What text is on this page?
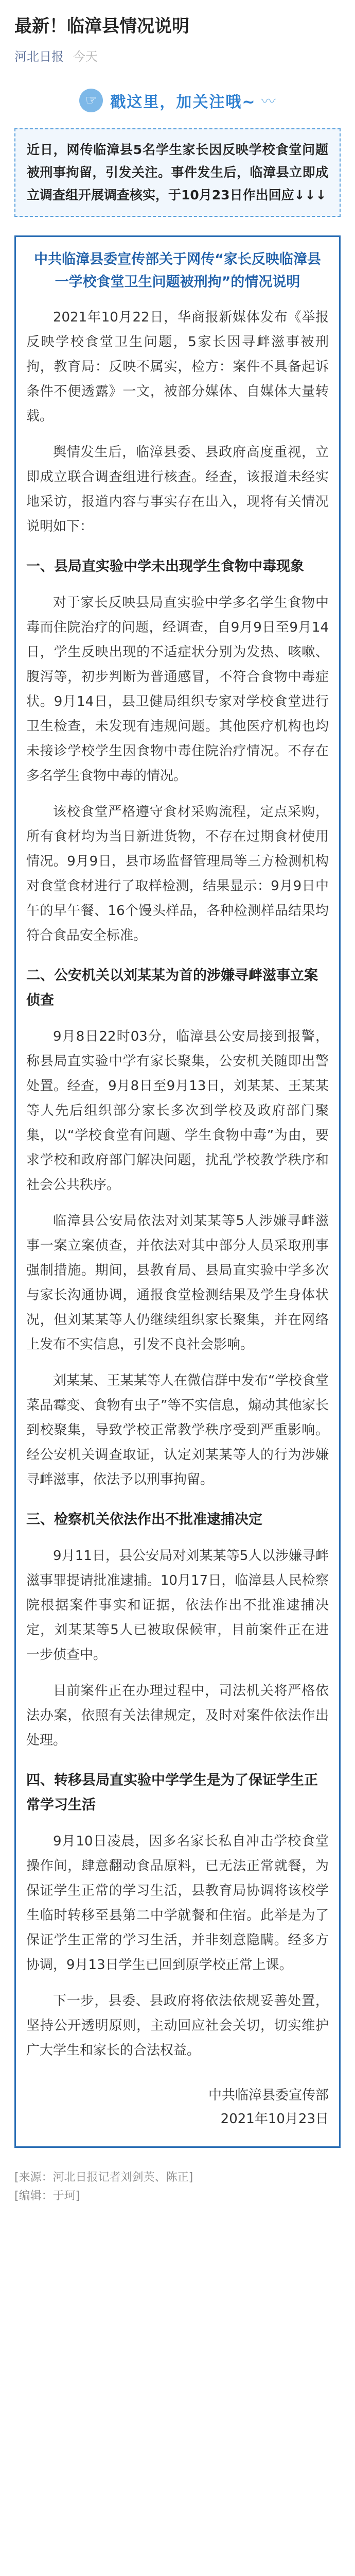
最新！临漳县情况说明
河北日报 今天
☞ 戳这里，加关注哦~ 〰
近日，网传临漳县5名学生家长因反映学校食堂问题被刑事拘留，引发关注。事件发生后，临漳县立即成立调查组开展调查核实，于10月23日作出回应↓↓↓
中共临漳县委宣传部关于网传“家长反映临漳县一学校食堂卫生问题被刑拘”的情况说明

2021年10月22日，华商报新媒体发布《举报反映学校食堂卫生问题，5家长因寻衅滋事被刑拘，教育局：反映不属实，检方：案件不具备起诉条件不便透露》一文，被部分媒体、自媒体大量转载。

舆情发生后，临漳县委、县政府高度重视，立即成立联合调查组进行核查。经查，该报道未经实地采访，报道内容与事实存在出入，现将有关情况说明如下：

一、县局直实验中学未出现学生食物中毒现象

对于家长反映县局直实验中学多名学生食物中毒而住院治疗的问题，经调查，自9月9日至9月14日，学生反映出现的不适症状分别为发热、咳嗽、腹泻等，初步判断为普通感冒，不符合食物中毒症状。9月14日，县卫健局组织专家对学校食堂进行卫生检查，未发现有违规问题。其他医疗机构也均未接诊学校学生因食物中毒住院治疗情况。不存在多名学生食物中毒的情况。

该校食堂严格遵守食材采购流程，定点采购，所有食材均为当日新进货物，不存在过期食材使用情况。9月9日，县市场监督管理局等三方检测机构对食堂食材进行了取样检测，结果显示：9月9日中午的早午餐、16个馒头样品，各种检测样品结果均符合食品安全标准。

二、公安机关以刘某某为首的涉嫌寻衅滋事立案侦查

9月8日22时03分，临漳县公安局接到报警，称县局直实验中学有家长聚集，公安机关随即出警处置。经查，9月8日至9月13日，刘某某、王某某等人先后组织部分家长多次到学校及政府部门聚集，以“学校食堂有问题、学生食物中毒”为由，要求学校和政府部门解决问题，扰乱学校教学秩序和社会公共秩序。

临漳县公安局依法对刘某某等5人涉嫌寻衅滋事一案立案侦查，并依法对其中部分人员采取刑事强制措施。期间，县教育局、县局直实验中学多次与家长沟通协调，通报食堂检测结果及学生身体状况，但刘某某等人仍继续组织家长聚集，并在网络上发布不实信息，引发不良社会影响。

刘某某、王某某等人在微信群中发布“学校食堂菜品霉变、食物有虫子”等不实信息，煽动其他家长到校聚集，导致学校正常教学秩序受到严重影响。经公安机关调查取证，认定刘某某等人的行为涉嫌寻衅滋事，依法予以刑事拘留。

三、检察机关依法作出不批准逮捕决定

9月11日，县公安局对刘某某等5人以涉嫌寻衅滋事罪提请批准逮捕。10月17日，临漳县人民检察院根据案件事实和证据，依法作出不批准逮捕决定，刘某某等5人已被取保候审，目前案件正在进一步侦查中。

目前案件正在办理过程中，司法机关将严格依法办案，依照有关法律规定，及时对案件依法作出处理。

四、转移县局直实验中学学生是为了保证学生正常学习生活

9月10日凌晨，因多名家长私自冲击学校食堂操作间，肆意翻动食品原料，已无法正常就餐，为保证学生正常的学习生活，县教育局协调将该校学生临时转移至县第二中学就餐和住宿。此举是为了保证学生正常的学习生活，并非刻意隐瞒。经多方协调，9月13日学生已回到原学校正常上课。

下一步，县委、县政府将依法依规妥善处置，坚持公开透明原则，主动回应社会关切，切实维护广大学生和家长的合法权益。

中共临漳县委宣传部
2021年10月23日
[来源：河北日报记者刘剑英、陈正]
[编辑：于珂]
